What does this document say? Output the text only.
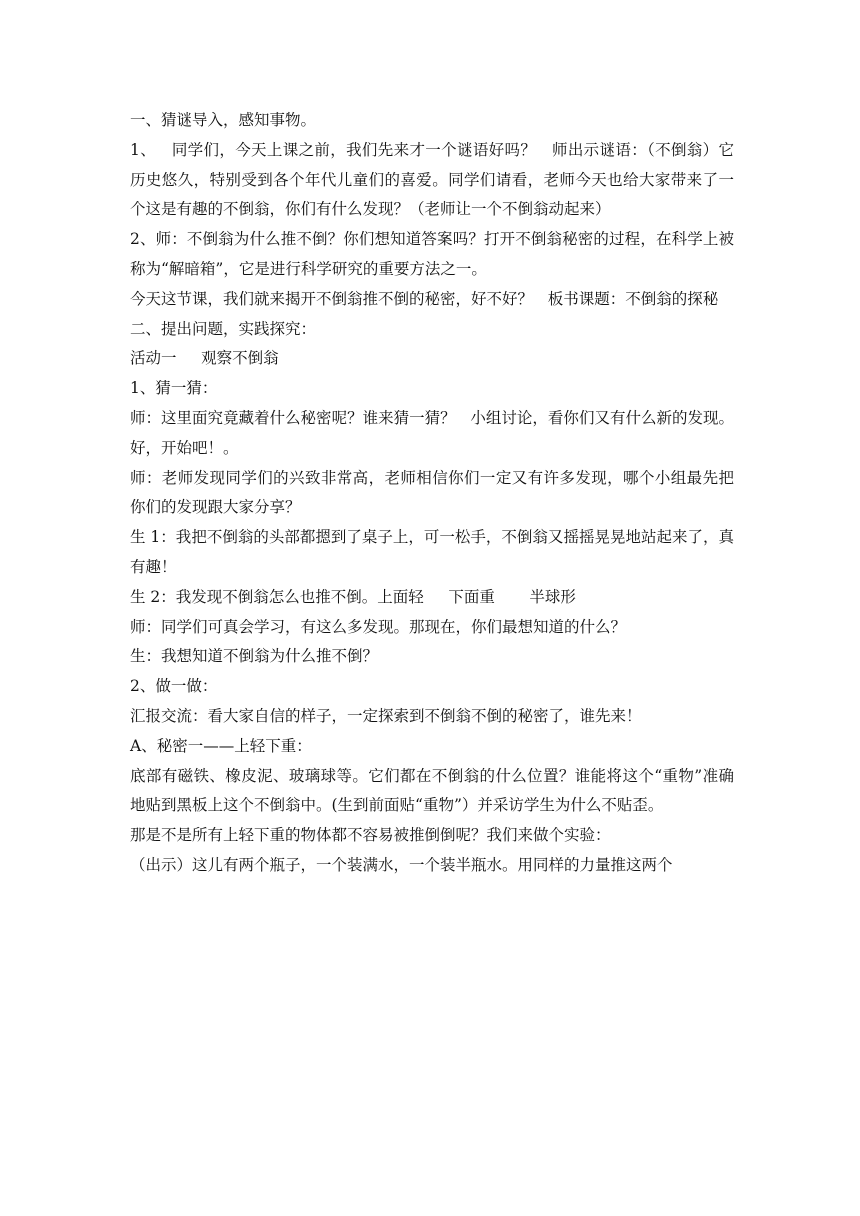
一、猜谜导入，感知事物。

1、   同学们，今天上课之前，我们先来才一个谜语好吗？   师出示谜语：（不倒翁）它历史悠久，特别受到各个年代儿童们的喜爱。同学们请看，老师今天也给大家带来了一个这是有趣的不倒翁，你们有什么发现？（老师让一个不倒翁动起来）

2、师：不倒翁为什么推不倒？你们想知道答案吗？打开不倒翁秘密的过程，在科学上被称为“解暗箱”，它是进行科学研究的重要方法之一。

今天这节课，我们就来揭开不倒翁推不倒的秘密，好不好？   板书课题：不倒翁的探秘

二、提出问题，实践探究：

活动一     观察不倒翁

1、猜一猜：

师：这里面究竟藏着什么秘密呢？谁来猜一猜？   小组讨论，看你们又有什么新的发现。好，开始吧！。

师：老师发现同学们的兴致非常高，老师相信你们一定又有许多发现，哪个小组最先把你们的发现跟大家分享？

生 1：我把不倒翁的头部都摁到了桌子上，可一松手，不倒翁又摇摇晃晃地站起来了，真有趣！

生 2：我发现不倒翁怎么也推不倒。上面轻     下面重       半球形

师：同学们可真会学习，有这么多发现。那现在，你们最想知道的什么？

生：我想知道不倒翁为什么推不倒？

2、做一做：

汇报交流：看大家自信的样子，一定探索到不倒翁不倒的秘密了，谁先来！

A、秘密一——上轻下重：

底部有磁铁、橡皮泥、玻璃球等。它们都在不倒翁的什么位置？谁能将这个“重物”准确地贴到黑板上这个不倒翁中。(生到前面贴“重物”）并采访学生为什么不贴歪。

那是不是所有上轻下重的物体都不容易被推倒倒呢？我们来做个实验：

（出示）这儿有两个瓶子，一个装满水，一个装半瓶水。用同样的力量推这两个
